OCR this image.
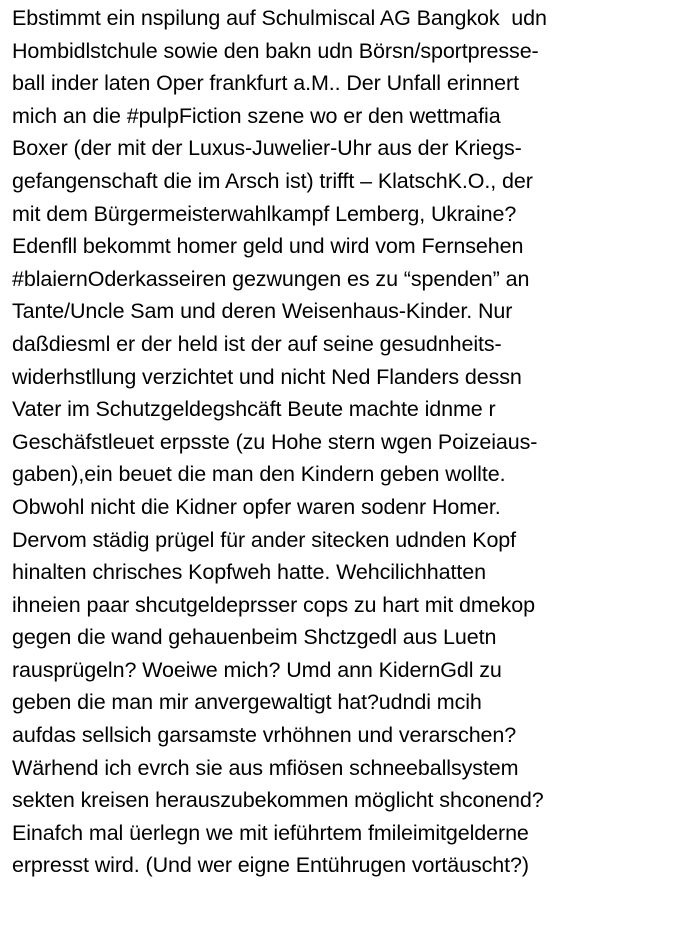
Ebstimmt ein nspilung auf Schulmiscal AG Bangkok  udn
Hombidlstchule sowie den bakn udn Börsn/sportpresse-
ball inder laten Oper frankfurt a.M.. Der Unfall erinnert
mich an die #pulpFiction szene wo er den wettmafia
Boxer (der mit der Luxus-Juwelier-Uhr aus der Kriegs-
gefangenschaft die im Arsch ist) trifft – KlatschK.O., der
mit dem Bürgermeisterwahlkampf Lemberg, Ukraine?
Edenfll bekommt homer geld und wird vom Fernsehen
#blaiernOderkasseiren gezwungen es zu “spenden” an
Tante/Uncle Sam und deren Weisenhaus-Kinder. Nur
daßdiesml er der held ist der auf seine gesudnheits-
widerhstllung verzichtet und nicht Ned Flanders dessn
Vater im Schutzgeldegshcäft Beute machte idnme r
Geschäfstleuet erpsste (zu Hohe stern wgen Poizeiaus-
gaben),ein beuet die man den Kindern geben wollte.
Obwohl nicht die Kidner opfer waren sodenr Homer.
Dervom städig prügel für ander sitecken udnden Kopf
hinalten chrisches Kopfweh hatte. Wehcilichhatten
ihneien paar shcutgeldeprsser cops zu hart mit dmekop
gegen die wand gehauenbeim Shctzgedl aus Luetn
rausprügeln? Woeiwe mich? Umd ann KidernGdl zu
geben die man mir anvergewaltigt hat?udndi mcih
aufdas sellsich garsamste vrhöhnen und verarschen?
Wärhend ich evrch sie aus mfiösen schneeballsystem
sekten kreisen herauszubekommen möglicht shconend?
Einafch mal üerlegn we mit ieführtem fmileimitgelderne
erpresst wird. (Und wer eigne Entührugen vortäuscht?)
